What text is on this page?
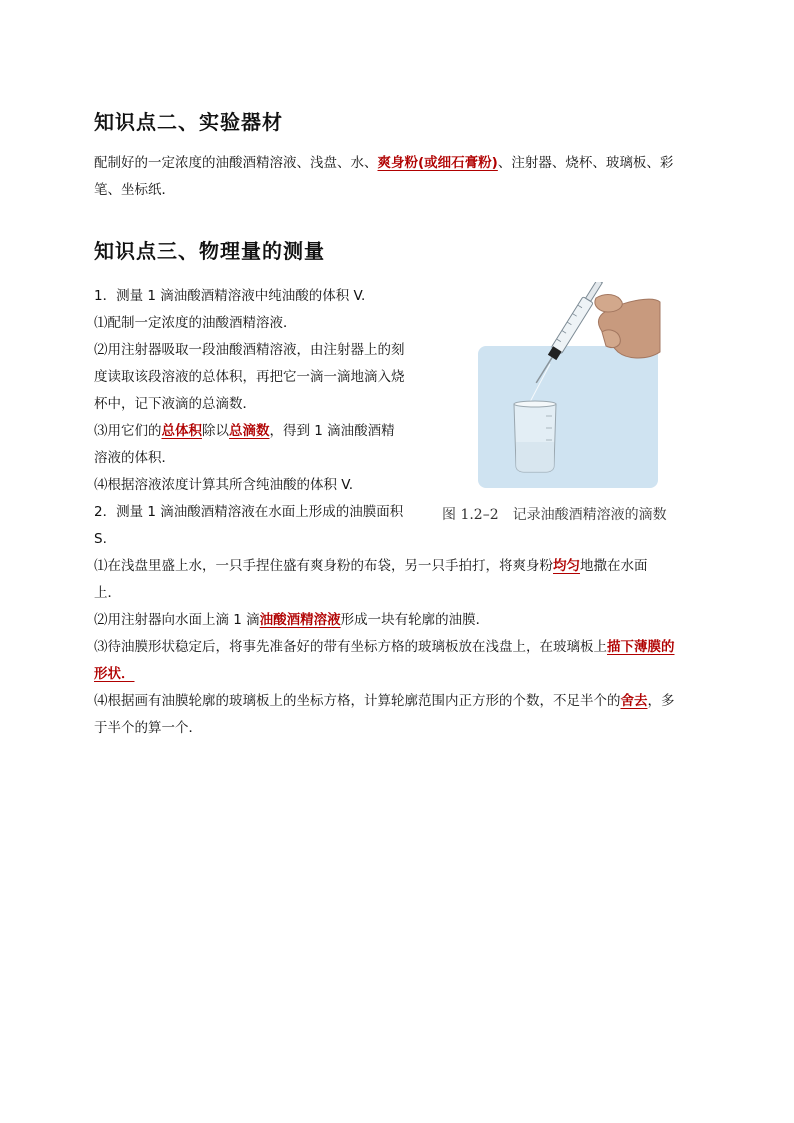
知识点二、实验器材

配制好的一定浓度的油酸酒精溶液、浅盘、水、爽身粉(或细石膏粉)、注射器、烧杯、玻璃板、彩
笔、坐标纸．

知识点三、物理量的测量

1．测量 1 滴油酸酒精溶液中纯油酸的体积 V.
⑴配制一定浓度的油酸酒精溶液．
⑵用注射器吸取一段油酸酒精溶液，由注射器上的刻
度读取该段溶液的总体积，再把它一滴一滴地滴入烧
杯中，记下液滴的总滴数．
⑶用它们的总体积除以总滴数，得到 1 滴油酸酒精
溶液的体积．
⑷根据溶液浓度计算其所含纯油酸的体积 V.
2．测量 1 滴油酸酒精溶液在水面上形成的油膜面积
S.

⑴在浅盘里盛上水，一只手捏住盛有爽身粉的布袋，另一只手拍打，将爽身粉均匀地撒在水面
上．
⑵用注射器向水面上滴 1 滴油酸酒精溶液形成一块有轮廓的油膜．
⑶待油膜形状稳定后，将事先准备好的带有坐标方格的玻璃板放在浅盘上，在玻璃板上描下薄膜的
形状．
⑷根据画有油膜轮廓的玻璃板上的坐标方格，计算轮廓范围内正方形的个数，不足半个的舍去，多
于半个的算一个．

图 1.2–2 记录油酸酒精溶液的滴数
